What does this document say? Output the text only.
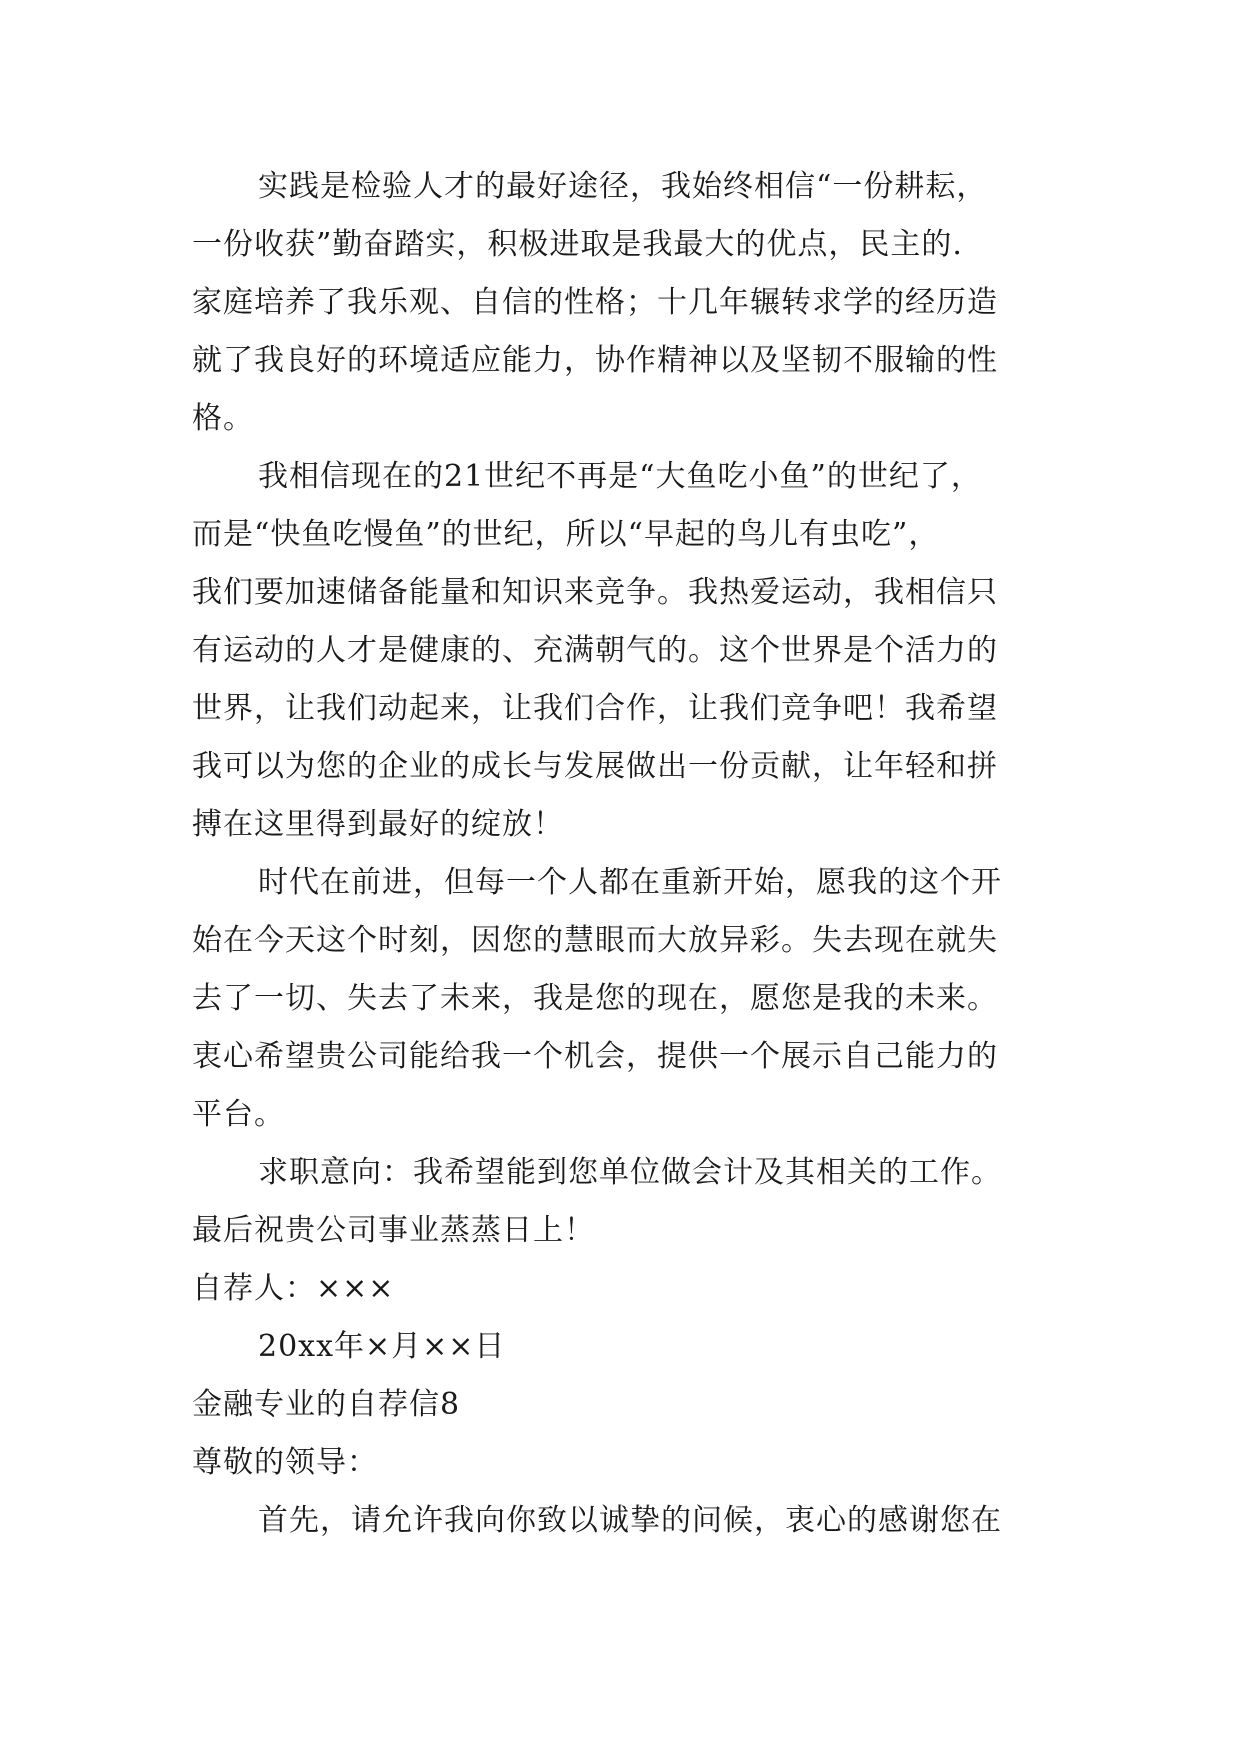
实践是检验人才的最好途径，我始终相信“一份耕耘，
一份收获”勤奋踏实，积极进取是我最大的优点，民主的.
家庭培养了我乐观、自信的性格；十几年辗转求学的经历造
就了我良好的环境适应能力，协作精神以及坚韧不服输的性
格。
我相信现在的21世纪不再是“大鱼吃小鱼”的世纪了，
而是“快鱼吃慢鱼”的世纪，所以“早起的鸟儿有虫吃”，
我们要加速储备能量和知识来竞争。我热爱运动，我相信只
有运动的人才是健康的、充满朝气的。这个世界是个活力的
世界，让我们动起来，让我们合作，让我们竞争吧！我希望
我可以为您的企业的成长与发展做出一份贡献，让年轻和拼
搏在这里得到最好的绽放！
时代在前进，但每一个人都在重新开始，愿我的这个开
始在今天这个时刻，因您的慧眼而大放异彩。失去现在就失
去了一切、失去了未来，我是您的现在，愿您是我的未来。
衷心希望贵公司能给我一个机会，提供一个展示自己能力的
平台。
求职意向：我希望能到您单位做会计及其相关的工作。
最后祝贵公司事业蒸蒸日上！
自荐人：×××
20xx年×月××日
金融专业的自荐信8
尊敬的领导：
首先，请允许我向你致以诚挚的问候，衷心的感谢您在
